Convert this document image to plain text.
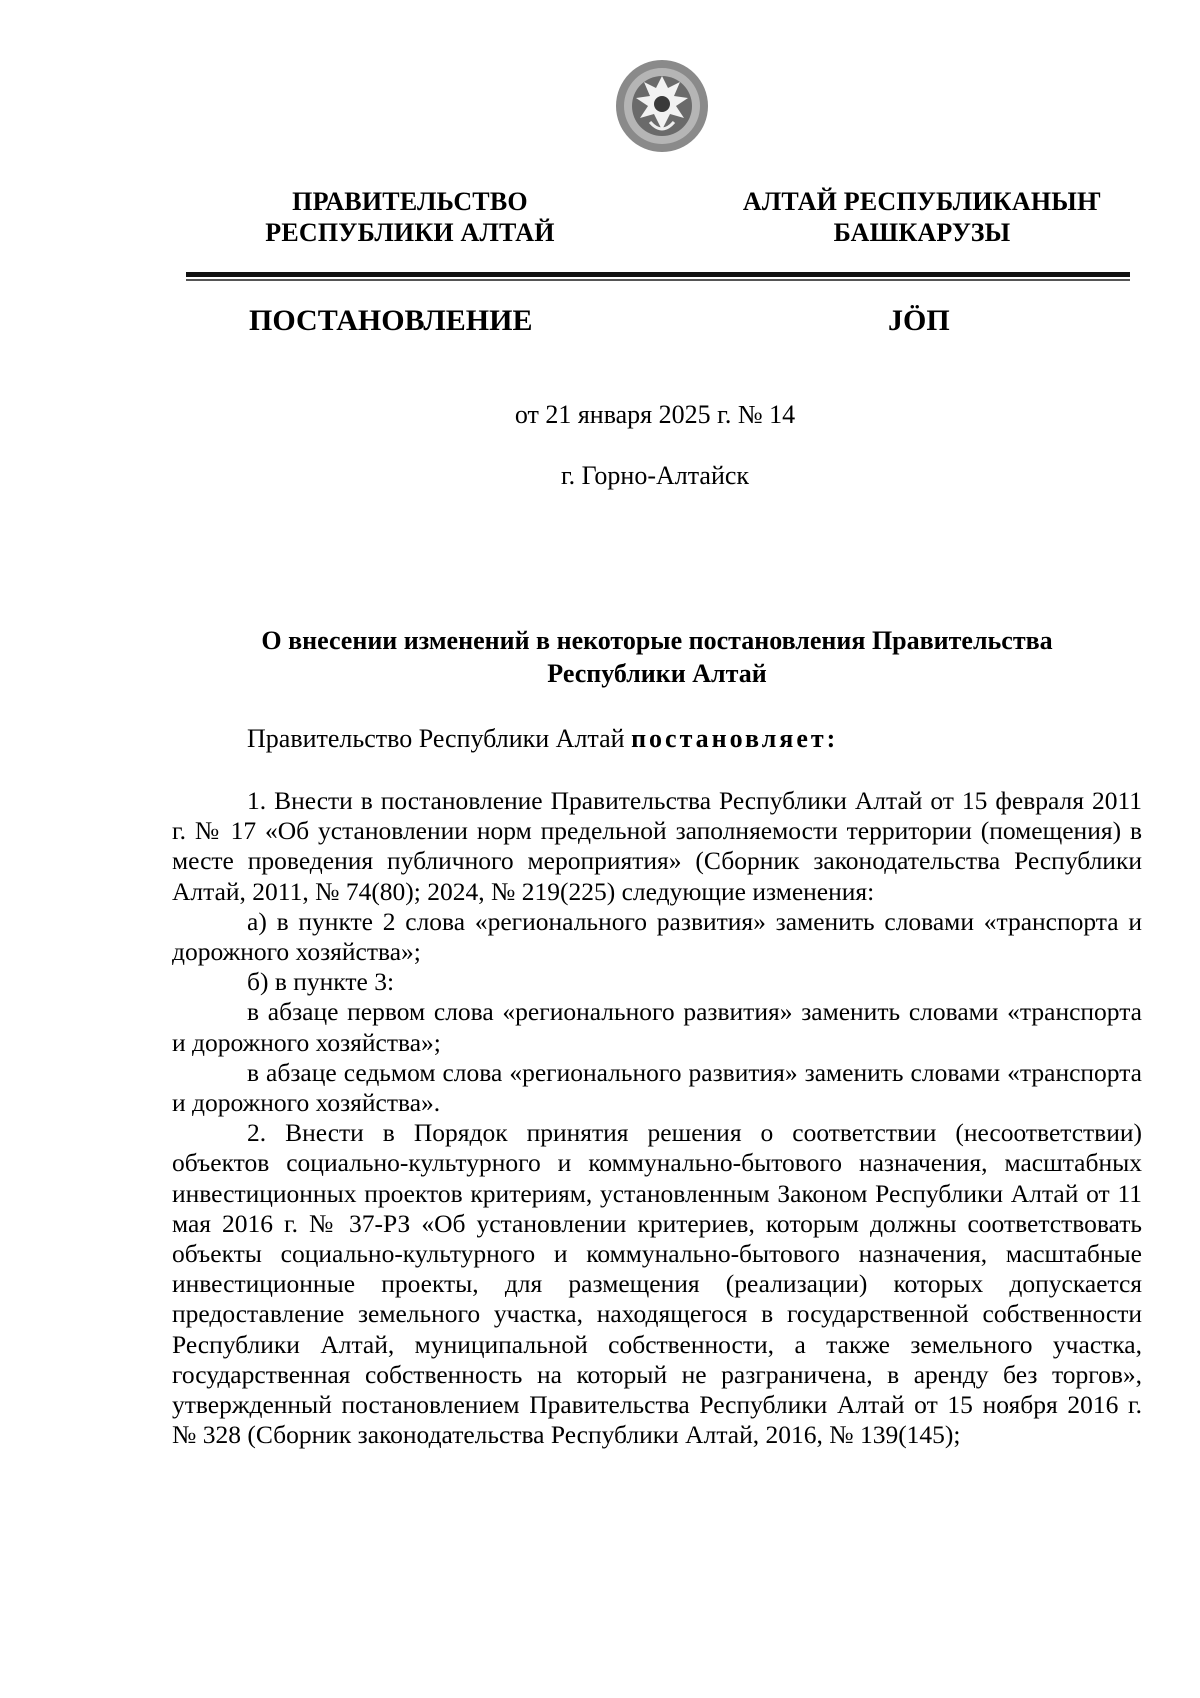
ПРАВИТЕЛЬСТВО
РЕСПУБЛИКИ АЛТАЙ
АЛТАЙ РЕСПУБЛИКАНЫҤ
БАШКАРУЗЫ
ПОСТАНОВЛЕНИЕ	JÖП
от 21 января 2025 г. № 14
г. Горно-Алтайск
О внесении изменений в некоторые постановления Правительства
Республики Алтай
Правительство Республики Алтай постановляет:

1. Внести в постановление Правительства Республики Алтай от 15 февраля 2011 г. № 17 «Об установлении норм предельной заполняемости территории (помещения) в месте проведения публичного мероприятия» (Сборник законодательства Республики Алтай, 2011, № 74(80); 2024, № 219(225) следующие изменения:

а) в пункте 2 слова «регионального развития» заменить словами «транспорта и дорожного хозяйства»;

б) в пункте 3:

в абзаце первом слова «регионального развития» заменить словами «транспорта и дорожного хозяйства»;

в абзаце седьмом слова «регионального развития» заменить словами «транспорта и дорожного хозяйства».

2. Внести в Порядок принятия решения о соответствии (несоответствии) объектов социально-культурного и коммунально-бытового назначения, масштабных инвестиционных проектов критериям, установленным Законом Республики Алтай от 11 мая 2016 г. № 37-РЗ «Об установлении критериев, которым должны соответствовать объекты социально-культурного и коммунально-бытового назначения, масштабные инвестиционные проекты, для размещения (реализации) которых допускается предоставление земельного участка, находящегося в государственной собственности Республики Алтай, муниципальной собственности, а также земельного участка, государственная собственность на который не разграничена, в аренду без торгов», утвержденный постановлением Правительства Республики Алтай от 15 ноября 2016 г. № 328 (Сборник законодательства Республики Алтай, 2016, № 139(145);
